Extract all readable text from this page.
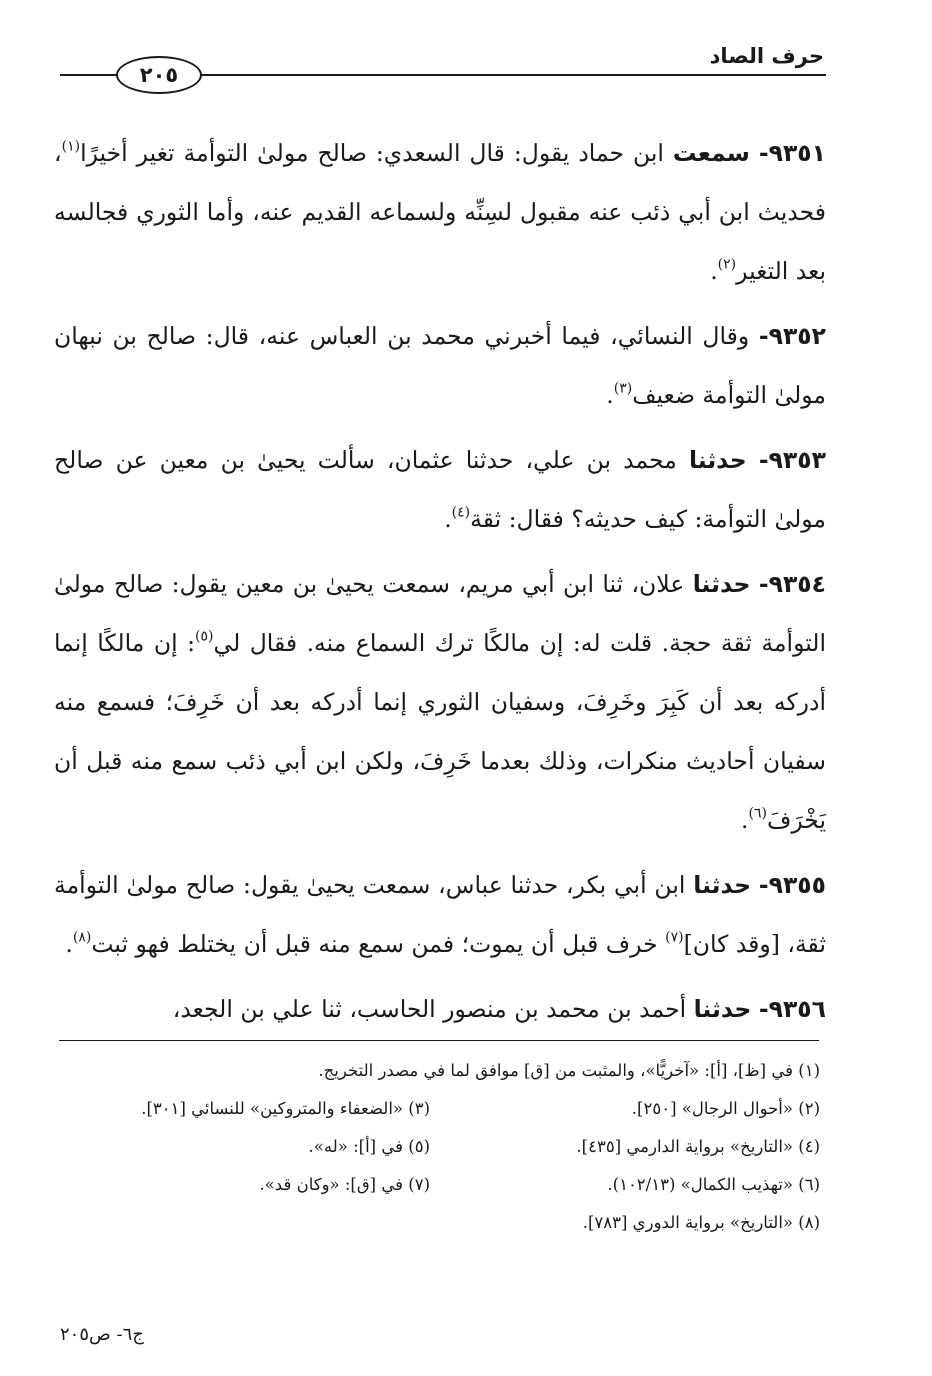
حرف الصاد
٢٠٥

٩٣٥١- سمعت ابن حماد يقول: قال السعدي: صالح مولىٰ التوأمة تغير أخيرًا$^{(١)}$، فحديث ابن أبي ذئب عنه مقبول لسِنِّه ولسماعه القديم عنه، وأما الثوري فجالسه بعد التغير$^{(٢)}$.

٩٣٥٢- وقال النسائي، فيما أخبرني محمد بن العباس عنه، قال: صالح بن نبهان مولىٰ التوأمة ضعيف$^{(٣)}$.

٩٣٥٣- حدثنا محمد بن علي، حدثنا عثمان، سألت يحيىٰ بن معين عن صالح مولىٰ التوأمة: كيف حديثه؟ فقال: ثقة$^{(٤)}$.

٩٣٥٤- حدثنا علان، ثنا ابن أبي مريم، سمعت يحيىٰ بن معين يقول: صالح مولىٰ التوأمة ثقة حجة. قلت له: إن مالكًا ترك السماع منه. فقال لي$^{(٥)}$: إن مالكًا إنما أدركه بعد أن كَبِرَ وخَرِفَ، وسفيان الثوري إنما أدركه بعد أن خَرِفَ؛ فسمع منه سفيان أحاديث منكرات، وذلك بعدما خَرِفَ، ولكن ابن أبي ذئب سمع منه قبل أن يَخْرَفَ$^{(٦)}$.

٩٣٥٥- حدثنا ابن أبي بكر، حدثنا عباس، سمعت يحيىٰ يقول: صالح مولىٰ التوأمة ثقة، [وقد كان]$^{(٧)}$ خرف قبل أن يموت؛ فمن سمع منه قبل أن يختلط فهو ثبت$^{(٨)}$.

٩٣٥٦- حدثنا أحمد بن محمد بن منصور الحاسب، ثنا علي بن الجعد،

(١) في [ظ]، [أ]: «آخريًّا»، والمثبت من [ق] موافق لما في مصدر التخريج.
(٢) «أحوال الرجال» [٢٥٠].
(٣) «الضعفاء والمتروكين» للنسائي [٣٠١].
(٤) «التاريخ» برواية الدارمي [٤٣٥].
(٥) في [أ]: «له».
(٦) «تهذيب الكمال» (١٠٢/١٣).
(٧) في [ق]: «وكان قد».
(٨) «التاريخ» برواية الدوري [٧٨٣].
ج٦- ص٢٠٥
